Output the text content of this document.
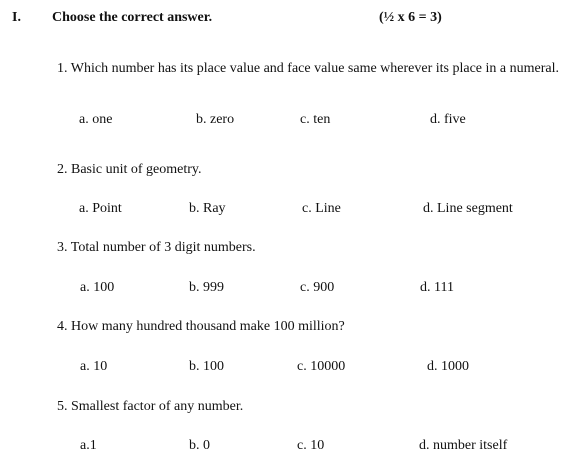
I. Choose the correct answer.	(½ x 6 = 3)
1. Which number has its place value and face value same wherever its place in a numeral.
a. one	b. zero	c. ten	d. five
2. Basic unit of geometry.
a. Point	b. Ray	c. Line	d. Line segment
3. Total number of 3 digit numbers.
a. 100	b. 999	c. 900	d. 111
4. How many hundred thousand make 100 million?
a. 10	b. 100	c. 10000	d. 1000
5. Smallest factor of any number.
a.1	b. 0	c. 10	d. number itself
